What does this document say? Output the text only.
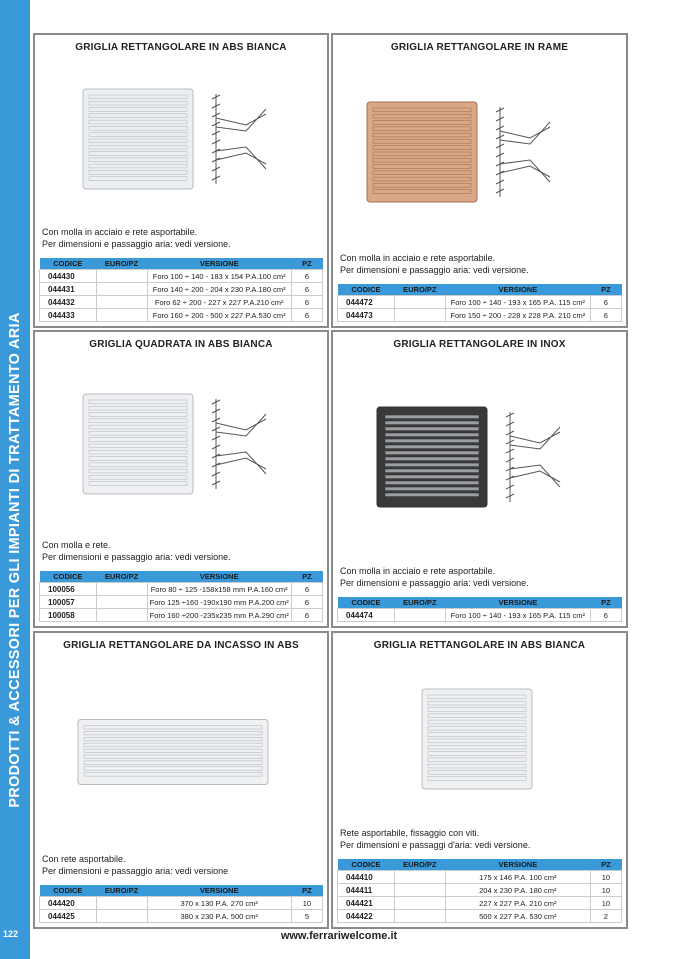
PRODOTTI & ACCESSORI PER GLI IMPIANTI DI TRATTAMENTO ARIA
122
GRIGLIA RETTANGOLARE IN ABS BIANCA
Con molla in acciaio e rete asportabile.
Per dimensioni e passaggio aria: vedi versione.
CODICE	EURO/PZ	VERSIONE	PZ
044430		Foro 100 ÷ 140 - 183 x 154 P.A.100 cm²	6
044431		Foro 140 ÷ 200 - 204 x 230 P.A.180 cm²	6
044432		Foro 62 ÷ 200 - 227 x 227 P.A.210 cm²	6
044433		Foro 160 ÷ 200 - 500 x 227 P.A.530 cm²	6
GRIGLIA RETTANGOLARE IN RAME
Con molla in acciaio e rete asportabile.
Per dimensioni e passaggio aria: vedi versione.
CODICE	EURO/PZ	VERSIONE	PZ
044472		Foro 100 ÷ 140 - 193 x 165 P.A. 115 cm²	6
044473		Foro 150 ÷ 200 - 228 x 228 P.A. 210 cm²	6
GRIGLIA QUADRATA IN ABS BIANCA
Con molla e rete.
Per dimensioni e passaggio aria: vedi versione.
CODICE	EURO/PZ	VERSIONE	PZ
100056		Foro 80 ÷ 125 -158x158 mm P.A.160 cm²	6
100057		Foro 125 ÷160 -190x190 mm P.A.200 cm²	6
100058		Foro 160 ÷200 -235x235 mm P.A.290 cm²	6
GRIGLIA RETTANGOLARE IN INOX
Con molla in acciaio e rete asportabile.
Per dimensioni e passaggio aria: vedi versione.
CODICE	EURO/PZ	VERSIONE	PZ
044474		Foro 100 ÷ 140 - 193 x 165 P.A. 115 cm²	6
GRIGLIA RETTANGOLARE DA INCASSO IN ABS
Con rete asportabile.
Per dimensioni e passaggio aria: vedi versione
CODICE	EURO/PZ	VERSIONE	PZ
044420		370 x 130 P.A. 270 cm²	10
044425		380 x 230 P.A. 500 cm²	5
GRIGLIA RETTANGOLARE IN ABS BIANCA
Rete asportabile, fissaggio con viti.
Per dimensioni e passaggi d'aria: vedi versione.
CODICE	EURO/PZ	VERSIONE	PZ
044410		175 x 146 P.A. 100 cm²	10
044411		204 x 230 P.A. 180 cm²	10
044421		227 x 227 P.A. 210 cm²	10
044422		500 x 227 P.A. 530 cm²	2
www.ferrariwelcome.it
